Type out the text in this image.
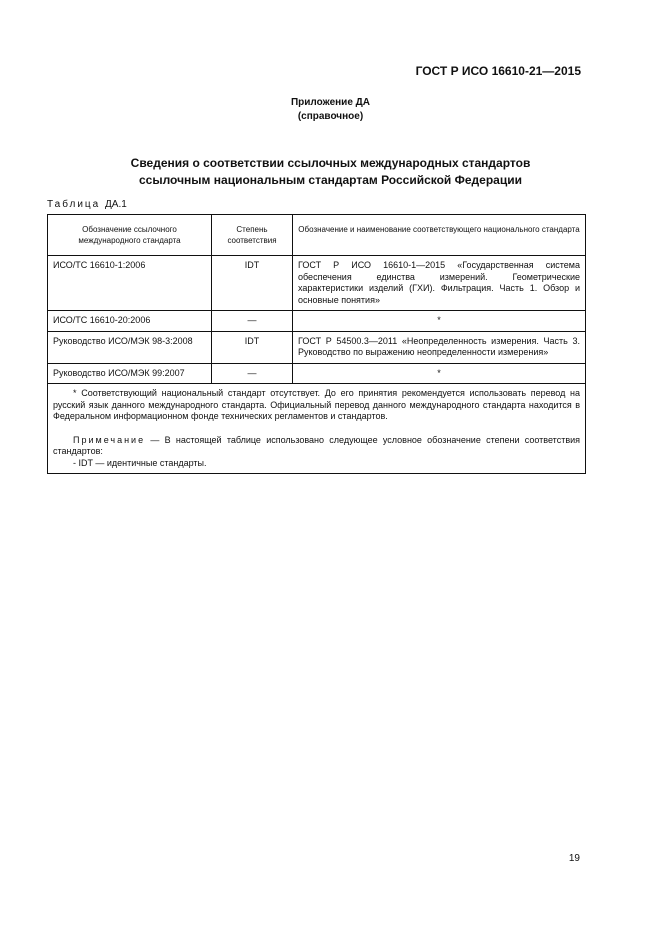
ГОСТ Р ИСО 16610-21—2015
Приложение ДА
(справочное)
Сведения о соответствии ссылочных международных стандартов
ссылочным национальным стандартам Российской Федерации
Таблица ДА.1
Обозначение ссылочного международного стандарта	Степень соответствия	Обозначение и наименование соответствующего национального стандарта
ИСО/ТС 16610-1:2006	IDT	ГОСТ Р ИСО 16610-1—2015 «Государственная система обеспечения единства измерений. Геометрические характеристики изделий (ГХИ). Фильтрация. Часть 1. Обзор и основные понятия»
ИСО/ТС 16610-20:2006	—	*
Руководство ИСО/МЭК 98-3:2008	IDT	ГОСТ Р 54500.3—2011 «Неопределенность измерения. Часть 3. Руководство по выражению неопределенности измерения»
Руководство ИСО/МЭК 99:2007	—	*

* Соответствующий национальный стандарт отсутствует. До его принятия рекомендуется использовать перевод на русский язык данного международного стандарта. Официальный перевод данного международного стандарта находится в Федеральном информационном фонде технических регламентов и стандартов.

Примечание — В настоящей таблице использовано следующее условное обозначение степени соответствия стандартов:

- IDT — идентичные стандарты.		

19
